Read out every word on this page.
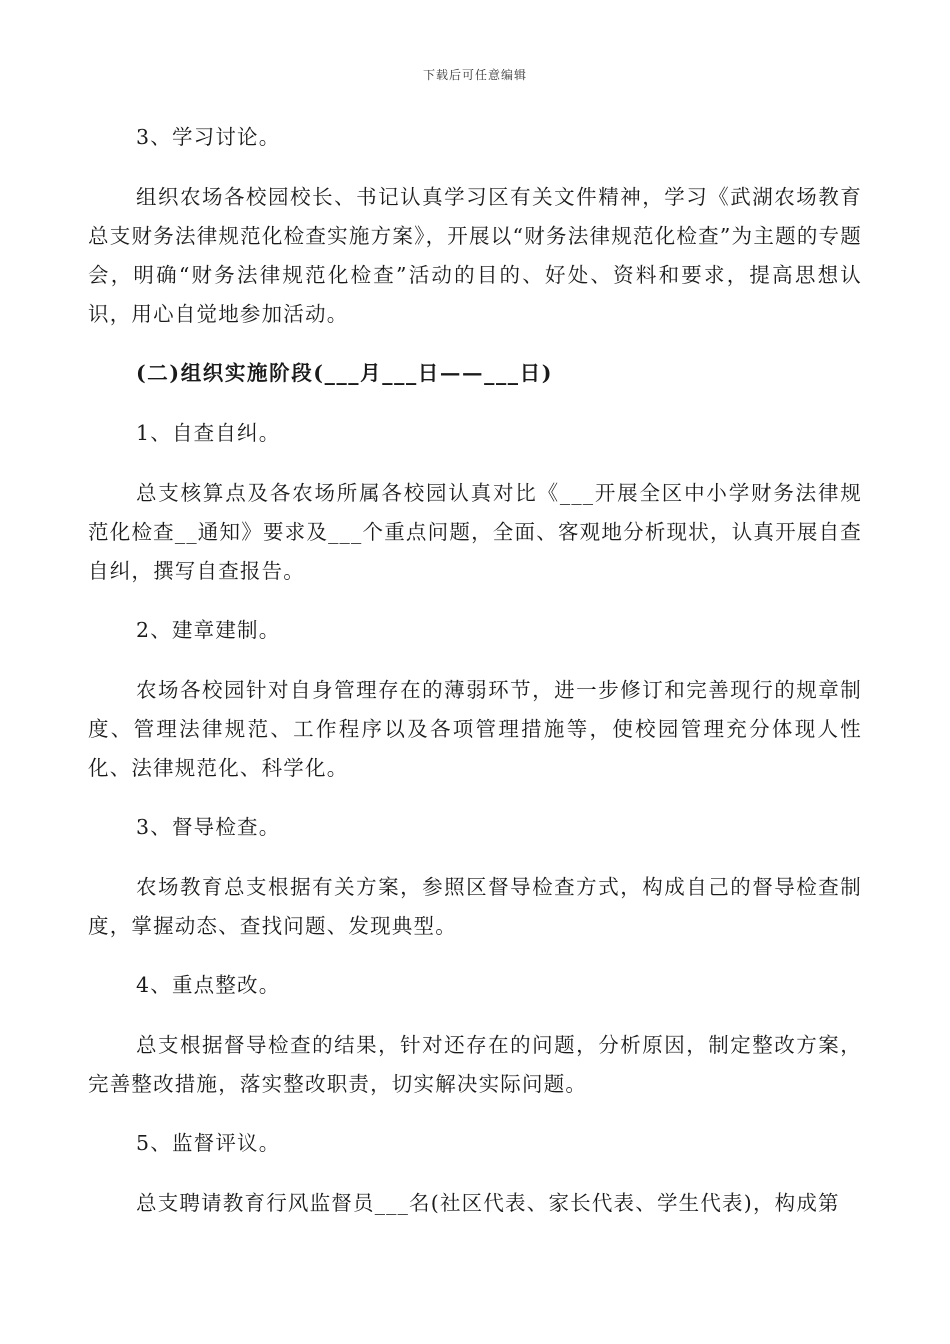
下载后可任意编辑

3、学习讨论。

组织农场各校园校长、书记认真学习区有关文件精神，学习《武湖农场教育总支财务法律规范化检查实施方案》，开展以“财务法律规范化检查”为主题的专题会，明确“财务法律规范化检查”活动的目的、好处、资料和要求，提高思想认识，用心自觉地参加活动。

(二)组织实施阶段(___月___日——___日)

1、自查自纠。

总支核算点及各农场所属各校园认真对比《___开展全区中小学财务法律规范化检查__通知》要求及___个重点问题，全面、客观地分析现状，认真开展自查自纠，撰写自查报告。

2、建章建制。

农场各校园针对自身管理存在的薄弱环节，进一步修订和完善现行的规章制度、管理法律规范、工作程序以及各项管理措施等，使校园管理充分体现人性化、法律规范化、科学化。

3、督导检查。

农场教育总支根据有关方案，参照区督导检查方式，构成自己的督导检查制度，掌握动态、查找问题、发现典型。

4、重点整改。

总支根据督导检查的结果，针对还存在的问题，分析原因，制定整改方案，完善整改措施，落实整改职责，切实解决实际问题。

5、监督评议。

总支聘请教育行风监督员___名(社区代表、家长代表、学生代表)，构成第
